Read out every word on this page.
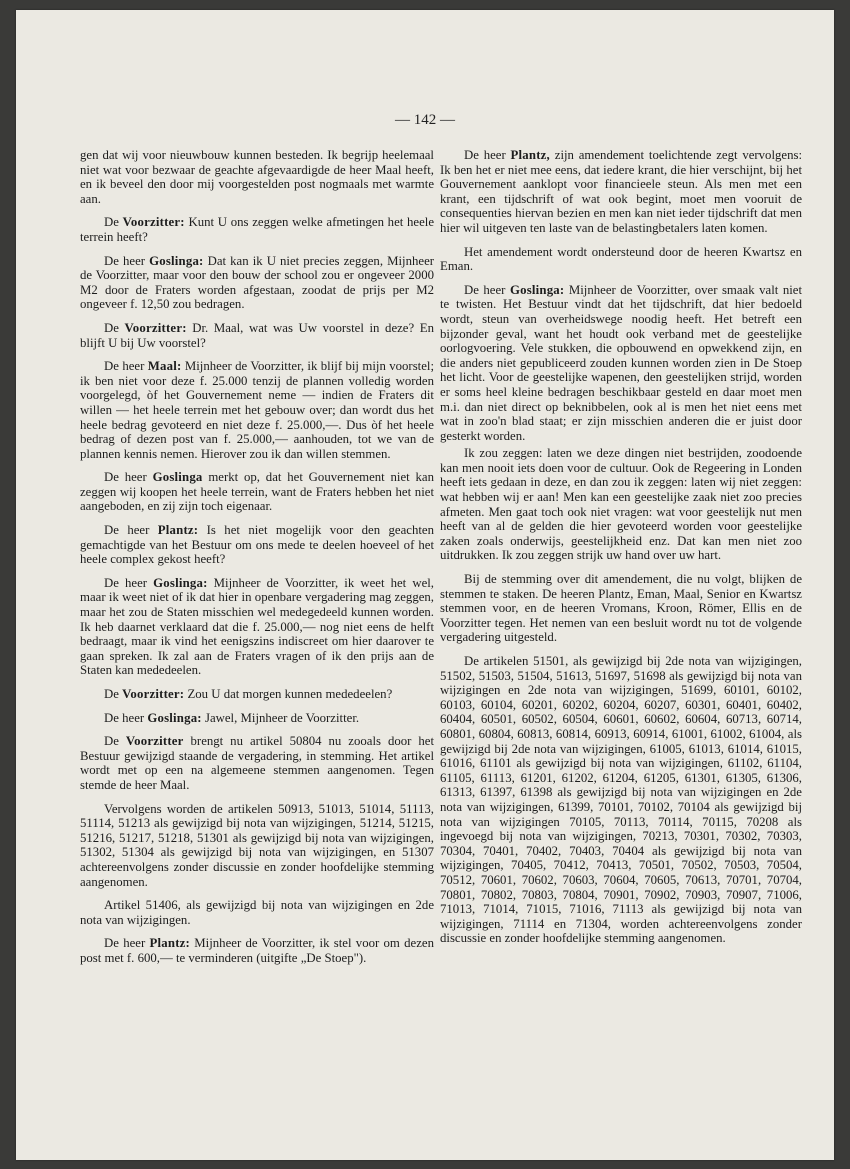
— 142 —

gen dat wij voor nieuwbouw kunnen besteden. Ik begrijp heelemaal niet wat voor bezwaar de geachte afgevaardigde de heer Maal heeft, en ik beveel den door mij voorgestelden post nogmaals met warmte aan.

De Voorzitter: Kunt U ons zeggen welke afmetingen het heele terrein heeft?

De heer Goslinga: Dat kan ik U niet precies zeggen, Mijnheer de Voorzitter, maar voor den bouw der school zou er ongeveer 2000 M2 door de Fraters worden afgestaan, zoodat de prijs per M2 ongeveer f. 12,50 zou bedragen.

De Voorzitter: Dr. Maal, wat was Uw voorstel in deze? En blijft U bij Uw voorstel?

De heer Maal: Mijnheer de Voorzitter, ik blijf bij mijn voorstel; ik ben niet voor deze f. 25.000 tenzij de plannen volledig worden voorgelegd, òf het Gouvernement neme — indien de Fraters dit willen — het heele terrein met het gebouw over; dan wordt dus het heele bedrag gevoteerd en niet deze f. 25.000,—. Dus òf het heele bedrag of dezen post van f. 25.000,— aanhouden, tot we van de plannen kennis nemen. Hierover zou ik dan willen stemmen.

De heer Goslinga merkt op, dat het Gouvernement niet kan zeggen wij koopen het heele terrein, want de Fraters hebben het niet aangeboden, en zij zijn toch eigenaar.

De heer Plantz: Is het niet mogelijk voor den geachten gemachtigde van het Bestuur om ons mede te deelen hoeveel of het heele complex gekost heeft?

De heer Goslinga: Mijnheer de Voorzitter, ik weet het wel, maar ik weet niet of ik dat hier in openbare vergadering mag zeggen, maar het zou de Staten misschien wel medegedeeld kunnen worden. Ik heb daarnet verklaard dat die f. 25.000,— nog niet eens de helft bedraagt, maar ik vind het eenigszins indiscreet om hier daarover te gaan spreken. Ik zal aan de Fraters vragen of ik den prijs aan de Staten kan mededeelen.

De Voorzitter: Zou U dat morgen kunnen mededeelen?

De heer Goslinga: Jawel, Mijnheer de Voorzitter.

De Voorzitter brengt nu artikel 50804 nu zooals door het Bestuur gewijzigd staande de vergadering, in stemming. Het artikel wordt met op een na algemeene stemmen aangenomen. Tegen stemde de heer Maal.

Vervolgens worden de artikelen 50913, 51013, 51014, 51113, 51114, 51213 als gewijzigd bij nota van wijzigingen, 51214, 51215, 51216, 51217, 51218, 51301 als gewijzigd bij nota van wijzigingen, 51302, 51304 als gewijzigd bij nota van wijzigingen, en 51307 achtereenvolgens zonder discussie en zonder hoofdelijke stemming aangenomen.

Artikel 51406, als gewijzigd bij nota van wijzigingen en 2de nota van wijzigingen.

De heer Plantz: Mijnheer de Voorzitter, ik stel voor om dezen post met f. 600,— te verminderen (uitgifte „De Stoep").

De heer Plantz, zijn amendement toelichtende zegt vervolgens: Ik ben het er niet mee eens, dat iedere krant, die hier verschijnt, bij het Gouvernement aanklopt voor financieele steun. Als men met een krant, een tijdschrift of wat ook begint, moet men vooruit de consequenties hiervan bezien en men kan niet ieder tijdschrift dat men hier wil uitgeven ten laste van de belastingbetalers laten komen.

Het amendement wordt ondersteund door de heeren Kwartsz en Eman.

De heer Goslinga: Mijnheer de Voorzitter, over smaak valt niet te twisten. Het Bestuur vindt dat het tijdschrift, dat hier bedoeld wordt, steun van overheidswege noodig heeft. Het betreft een bijzonder geval, want het houdt ook verband met de geestelijke oorlogvoering. Vele stukken, die opbouwend en opwekkend zijn, en die anders niet gepubliceerd zouden kunnen worden zien in De Stoep het licht. Voor de geestelijke wapenen, den geestelijken strijd, worden er soms heel kleine bedragen beschikbaar gesteld en daar moet men m.i. dan niet direct op beknibbelen, ook al is men het niet eens met wat in zoo'n blad staat; er zijn misschien anderen die er juist door gesterkt worden.

Ik zou zeggen: laten we deze dingen niet bestrijden, zoodoende kan men nooit iets doen voor de cultuur. Ook de Regeering in Londen heeft iets gedaan in deze, en dan zou ik zeggen: laten wij niet zeggen: wat hebben wij er aan! Men kan een geestelijke zaak niet zoo precies afmeten. Men gaat toch ook niet vragen: wat voor geestelijk nut men heeft van al de gelden die hier gevoteerd worden voor geestelijke zaken zoals onderwijs, geestelijkheid enz. Dat kan men niet zoo uitdrukken. Ik zou zeggen strijk uw hand over uw hart.

Bij de stemming over dit amendement, die nu volgt, blijken de stemmen te staken. De heeren Plantz, Eman, Maal, Senior en Kwartsz stemmen voor, en de heeren Vromans, Kroon, Römer, Ellis en de Voorzitter tegen. Het nemen van een besluit wordt nu tot de volgende vergadering uitgesteld.

De artikelen 51501, als gewijzigd bij 2de nota van wijzigingen, 51502, 51503, 51504, 51613, 51697, 51698 als gewijzigd bij nota van wijzigingen en 2de nota van wijzigingen, 51699, 60101, 60102, 60103, 60104, 60201, 60202, 60204, 60207, 60301, 60401, 60402, 60404, 60501, 60502, 60504, 60601, 60602, 60604, 60713, 60714, 60801, 60804, 60813, 60814, 60913, 60914, 61001, 61002, 61004, als gewijzigd bij 2de nota van wijzigingen, 61005, 61013, 61014, 61015, 61016, 61101 als gewijzigd bij nota van wijzigingen, 61102, 61104, 61105, 61113, 61201, 61202, 61204, 61205, 61301, 61305, 61306, 61313, 61397, 61398 als gewijzigd bij nota van wijzigingen en 2de nota van wijzigingen, 61399, 70101, 70102, 70104 als gewijzigd bij nota van wijzigingen 70105, 70113, 70114, 70115, 70208 als ingevoegd bij nota van wijzigingen, 70213, 70301, 70302, 70303, 70304, 70401, 70402, 70403, 70404 als gewijzigd bij nota van wijzigingen, 70405, 70412, 70413, 70501, 70502, 70503, 70504, 70512, 70601, 70602, 70603, 70604, 70605, 70613, 70701, 70704, 70801, 70802, 70803, 70804, 70901, 70902, 70903, 70907, 71006, 71013, 71014, 71015, 71016, 71113 als gewijzigd bij nota van wijzigingen, 71114 en 71304, worden achtereenvolgens zonder discussie en zonder hoofdelijke stemming aangenomen.
